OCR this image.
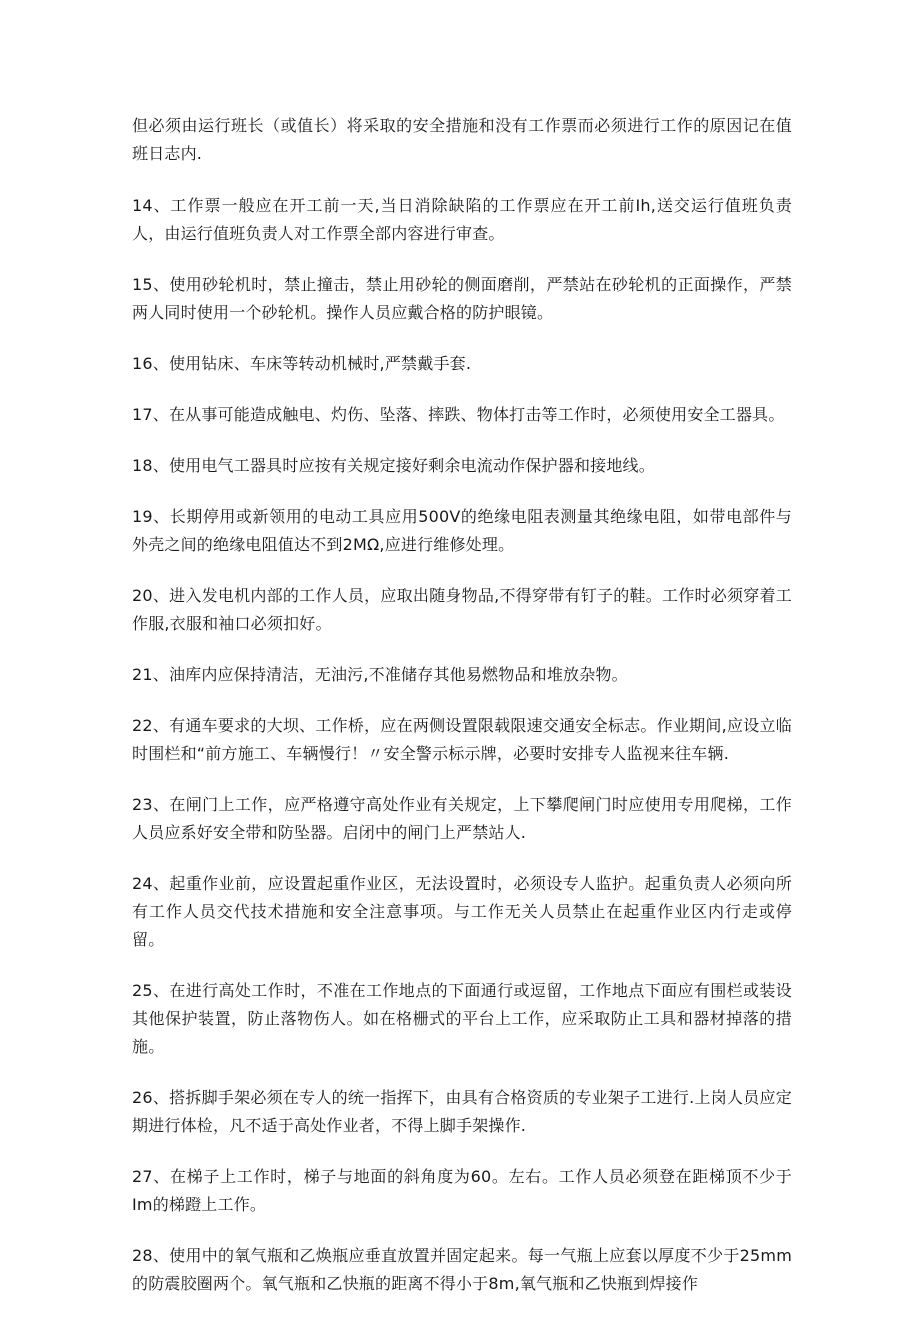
但必须由运行班长（或值长）将采取的安全措施和没有工作票而必须进行工作的原因记在值班日志内.

14、工作票一般应在开工前一天,当日消除缺陷的工作票应在开工前Ih,送交运行值班负责人，由运行值班负责人对工作票全部内容进行审查。

15、使用砂轮机时，禁止撞击，禁止用砂轮的侧面磨削，严禁站在砂轮机的正面操作，严禁两人同时使用一个砂轮机。操作人员应戴合格的防护眼镜。

16、使用钻床、车床等转动机械时,严禁戴手套.

17、在从事可能造成触电、灼伤、坠落、摔跌、物体打击等工作时，必须使用安全工器具。

18、使用电气工器具时应按有关规定接好剩余电流动作保护器和接地线。

19、长期停用或新领用的电动工具应用500V的绝缘电阻表测量其绝缘电阻，如带电部件与外壳之间的绝缘电阻值达不到2MΩ,应进行维修处理。

20、进入发电机内部的工作人员，应取出随身物品,不得穿带有钉子的鞋。工作时必须穿着工作服,衣服和袖口必须扣好。

21、油库内应保持清洁，无油污,不准储存其他易燃物品和堆放杂物。

22、有通车要求的大坝、工作桥，应在两侧设置限载限速交通安全标志。作业期间,应设立临时围栏和“前方施工、车辆慢行！〃安全警示标示牌，必要时安排专人监视来往车辆.

23、在闸门上工作，应严格遵守高处作业有关规定，上下攀爬闸门时应使用专用爬梯，工作人员应系好安全带和防坠器。启闭中的闸门上严禁站人.

24、起重作业前，应设置起重作业区，无法设置时，必须设专人监护。起重负责人必须向所有工作人员交代技术措施和安全注意事项。与工作无关人员禁止在起重作业区内行走或停留。

25、在进行高处工作时，不准在工作地点的下面通行或逗留，工作地点下面应有围栏或装设其他保护装置，防止落物伤人。如在格栅式的平台上工作，应采取防止工具和器材掉落的措施。

26、搭拆脚手架必须在专人的统一指挥下，由具有合格资质的专业架子工进行.上岗人员应定期进行体检，凡不适于高处作业者，不得上脚手架操作.

27、在梯子上工作时，梯子与地面的斜角度为60。左右。工作人员必须登在距梯顶不少于Im的梯蹬上工作。

28、使用中的氧气瓶和乙焕瓶应垂直放置并固定起来。每一气瓶上应套以厚度不少于25mm的防震胶圈两个。氧气瓶和乙快瓶的距离不得小于8m,氧气瓶和乙快瓶到焊接作
